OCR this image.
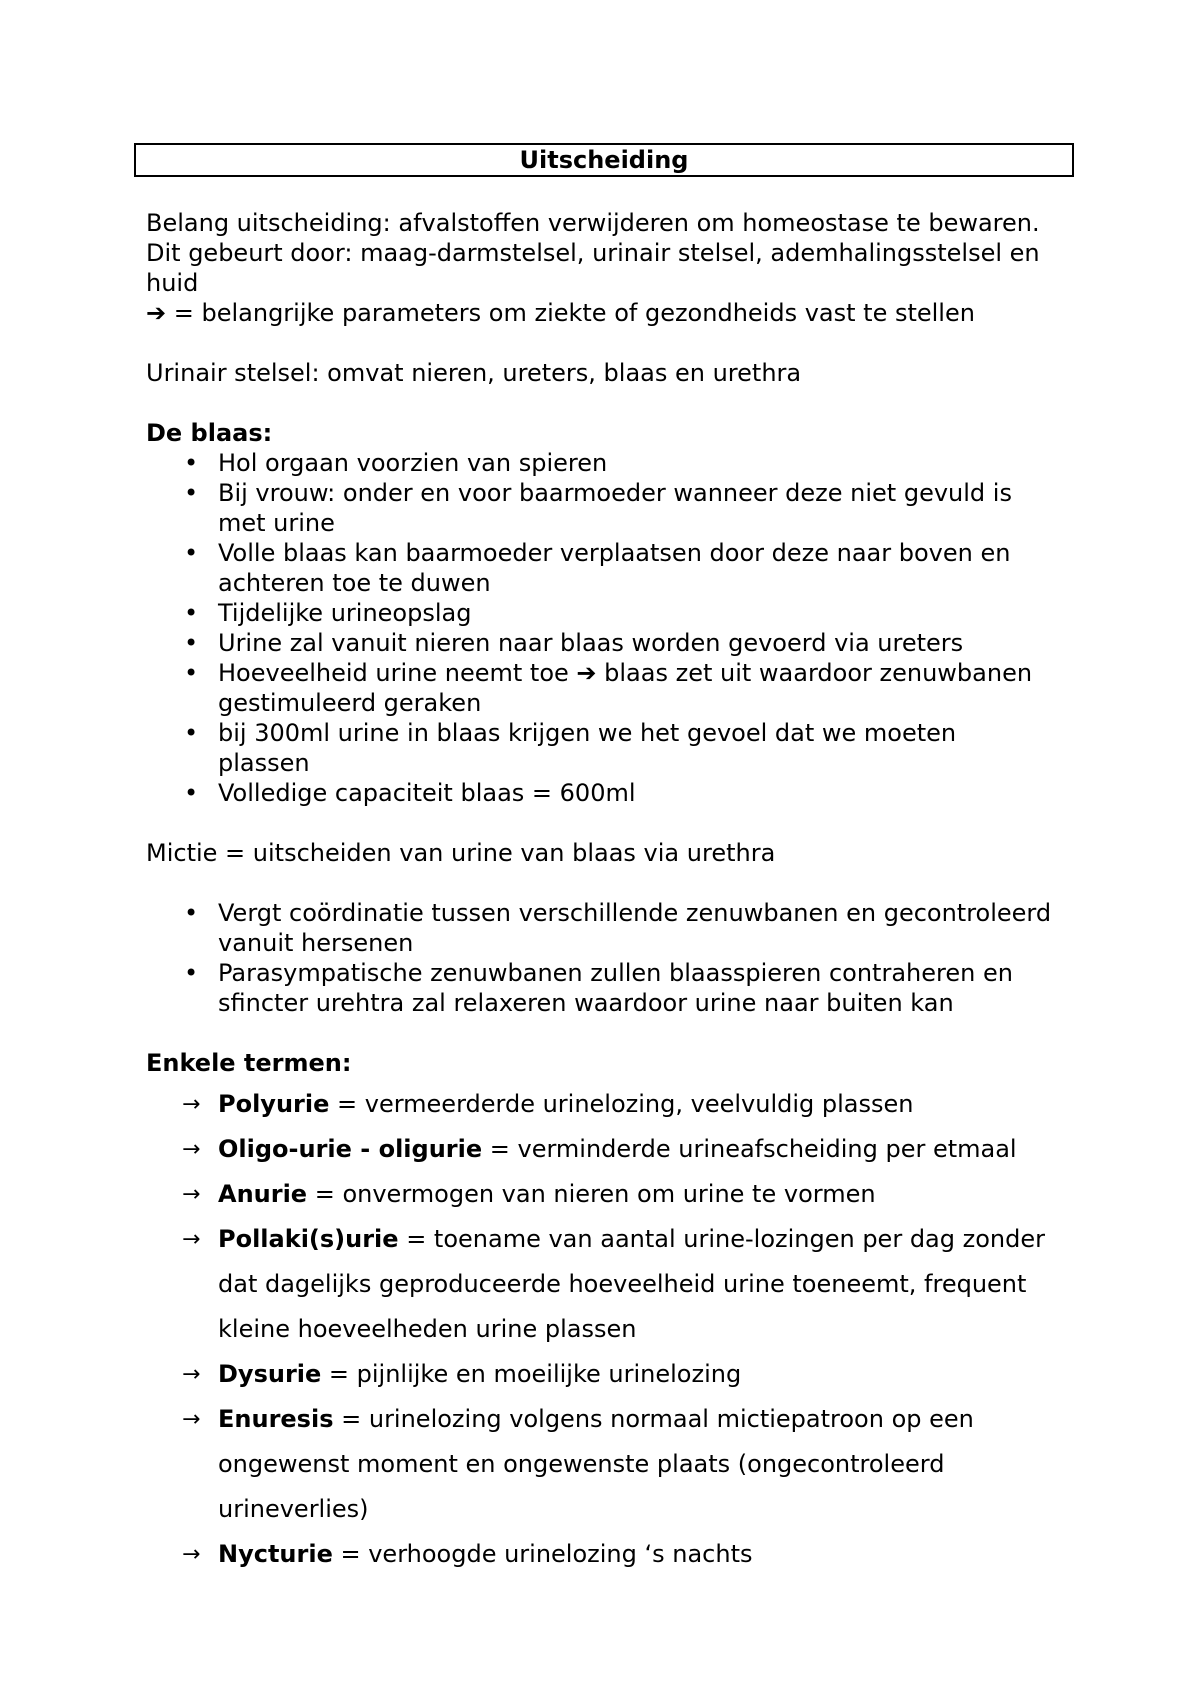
Uitscheiding
Belang uitscheiding: afvalstoffen verwijderen om homeostase te bewaren.
Dit gebeurt door: maag-darmstelsel, urinair stelsel, ademhalingsstelsel en
huid
➔ = belangrijke parameters om ziekte of gezondheids vast te stellen
Urinair stelsel: omvat nieren, ureters, blaas en urethra
De blaas:
• Hol orgaan voorzien van spieren
• Bij vrouw: onder en voor baarmoeder wanneer deze niet gevuld is
met urine
• Volle blaas kan baarmoeder verplaatsen door deze naar boven en
achteren toe te duwen
• Tijdelijke urineopslag
• Urine zal vanuit nieren naar blaas worden gevoerd via ureters
• Hoeveelheid urine neemt toe ➔ blaas zet uit waardoor zenuwbanen
gestimuleerd geraken
• bij 300ml urine in blaas krijgen we het gevoel dat we moeten
plassen
• Volledige capaciteit blaas = 600ml
Mictie = uitscheiden van urine van blaas via urethra
• Vergt coördinatie tussen verschillende zenuwbanen en gecontroleerd
vanuit hersenen
• Parasympatische zenuwbanen zullen blaasspieren contraheren en
sfincter urehtra zal relaxeren waardoor urine naar buiten kan
Enkele termen:
→ Polyurie = vermeerderde urinelozing, veelvuldig plassen
→ Oligo-urie - oligurie = verminderde urineafscheiding per etmaal
→ Anurie = onvermogen van nieren om urine te vormen
→ Pollaki(s)urie = toename van aantal urine-lozingen per dag zonder
dat dagelijks geproduceerde hoeveelheid urine toeneemt, frequent
kleine hoeveelheden urine plassen
→ Dysurie = pijnlijke en moeilijke urinelozing
→ Enuresis = urinelozing volgens normaal mictiepatroon op een
ongewenst moment en ongewenste plaats (ongecontroleerd
urineverlies)
→ Nycturie = verhoogde urinelozing ‘s nachts
